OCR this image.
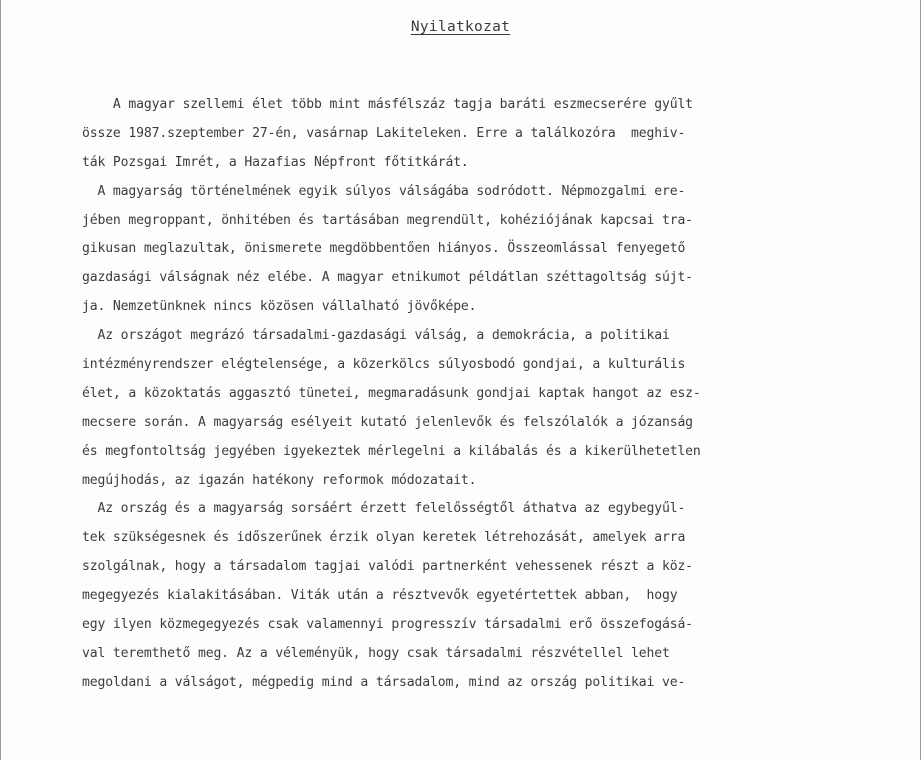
Nyilatkozat
A magyar szellemi élet több mint másfélszáz tagja baráti eszmecserére gyűlt
össze 1987.szeptember 27-én, vasárnap Lakiteleken. Erre a találkozóra  meghiv-
ták Pozsgai Imrét, a Hazafias Népfront főtitkárát.
A magyarság történelmének egyik súlyos válságába sodródott. Népmozgalmi ere-
jében megroppant, önhitében és tartásában megrendült, kohéziójának kapcsai tra-
gikusan meglazultak, önismerete megdöbbentően hiányos. Összeomlással fenyegető
gazdasági válságnak néz elébe. A magyar etnikumot példátlan széttagoltság sújt-
ja. Nemzetünknek nincs közösen vállalható jövőképe.
Az országot megrázó társadalmi-gazdasági válság, a demokrácia, a politikai
intézményrendszer elégtelensége, a közerkölcs súlyosbodó gondjai, a kulturális
élet, a közoktatás aggasztó tünetei, megmaradásunk gondjai kaptak hangot az esz-
mecsere során. A magyarság esélyeit kutató jelenlevők és felszólalók a józanság
és megfontoltság jegyében igyekeztek mérlegelni a kilábalás és a kikerülhetetlen
megújhodás, az igazán hatékony reformok módozatait.
Az ország és a magyarság sorsáért érzett felelősségtől áthatva az egybegyűl-
tek szükségesnek és időszerűnek érzik olyan keretek létrehozását, amelyek arra
szolgálnak, hogy a társadalom tagjai valódi partnerként vehessenek részt a köz-
megegyezés kialakitásában. Viták után a résztvevők egyetértettek abban,  hogy
egy ilyen közmegegyezés csak valamennyi progresszív társadalmi erő összefogásá-
val teremthető meg. Az a véleményük, hogy csak társadalmi részvétellel lehet
megoldani a válságot, mégpedig mind a társadalom, mind az ország politikai ve-
